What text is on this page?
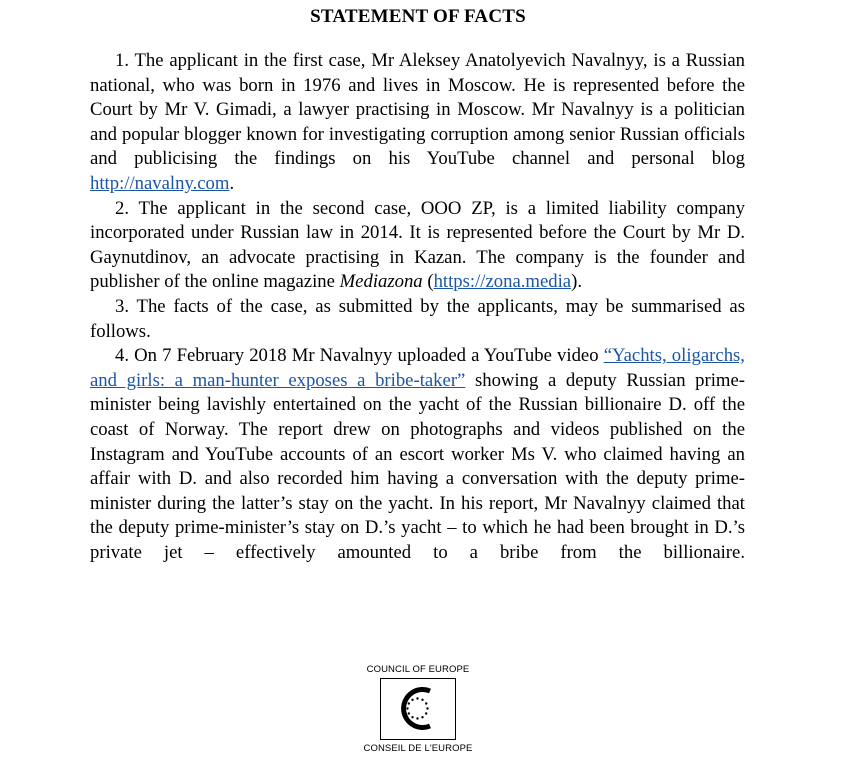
STATEMENT OF FACTS

1. The applicant in the first case, Mr Aleksey Anatolyevich Navalnyy, is a Russian national, who was born in 1976 and lives in Moscow. He is represented before the Court by Mr V. Gimadi, a lawyer practising in Moscow. Mr Navalnyy is a politician and popular blogger known for investigating corruption among senior Russian officials and publicising the findings on his YouTube channel and personal blog http://navalny.com.

2. The applicant in the second case, OOO ZP, is a limited liability company incorporated under Russian law in 2014. It is represented before the Court by Mr D. Gaynutdinov, an advocate practising in Kazan. The company is the founder and publisher of the online magazine Mediazona (https://zona.media).

3. The facts of the case, as submitted by the applicants, may be summarised as follows.

4. On 7 February 2018 Mr Navalnyy uploaded a YouTube video “Yachts, oligarchs, and girls: a man-hunter exposes a bribe-taker” showing a deputy Russian prime-minister being lavishly entertained on the yacht of the Russian billionaire D. off the coast of Norway. The report drew on photographs and videos published on the Instagram and YouTube accounts of an escort worker Ms V. who claimed having an affair with D. and also recorded him having a conversation with the deputy prime-minister during the latter’s stay on the yacht. In his report, Mr Navalnyy claimed that the deputy prime-minister’s stay on D.’s yacht – to which he had been brought in D.’s private jet – effectively amounted to a bribe from the billionaire.

COUNCIL OF EUROPE
CONSEIL DE L'EUROPE
